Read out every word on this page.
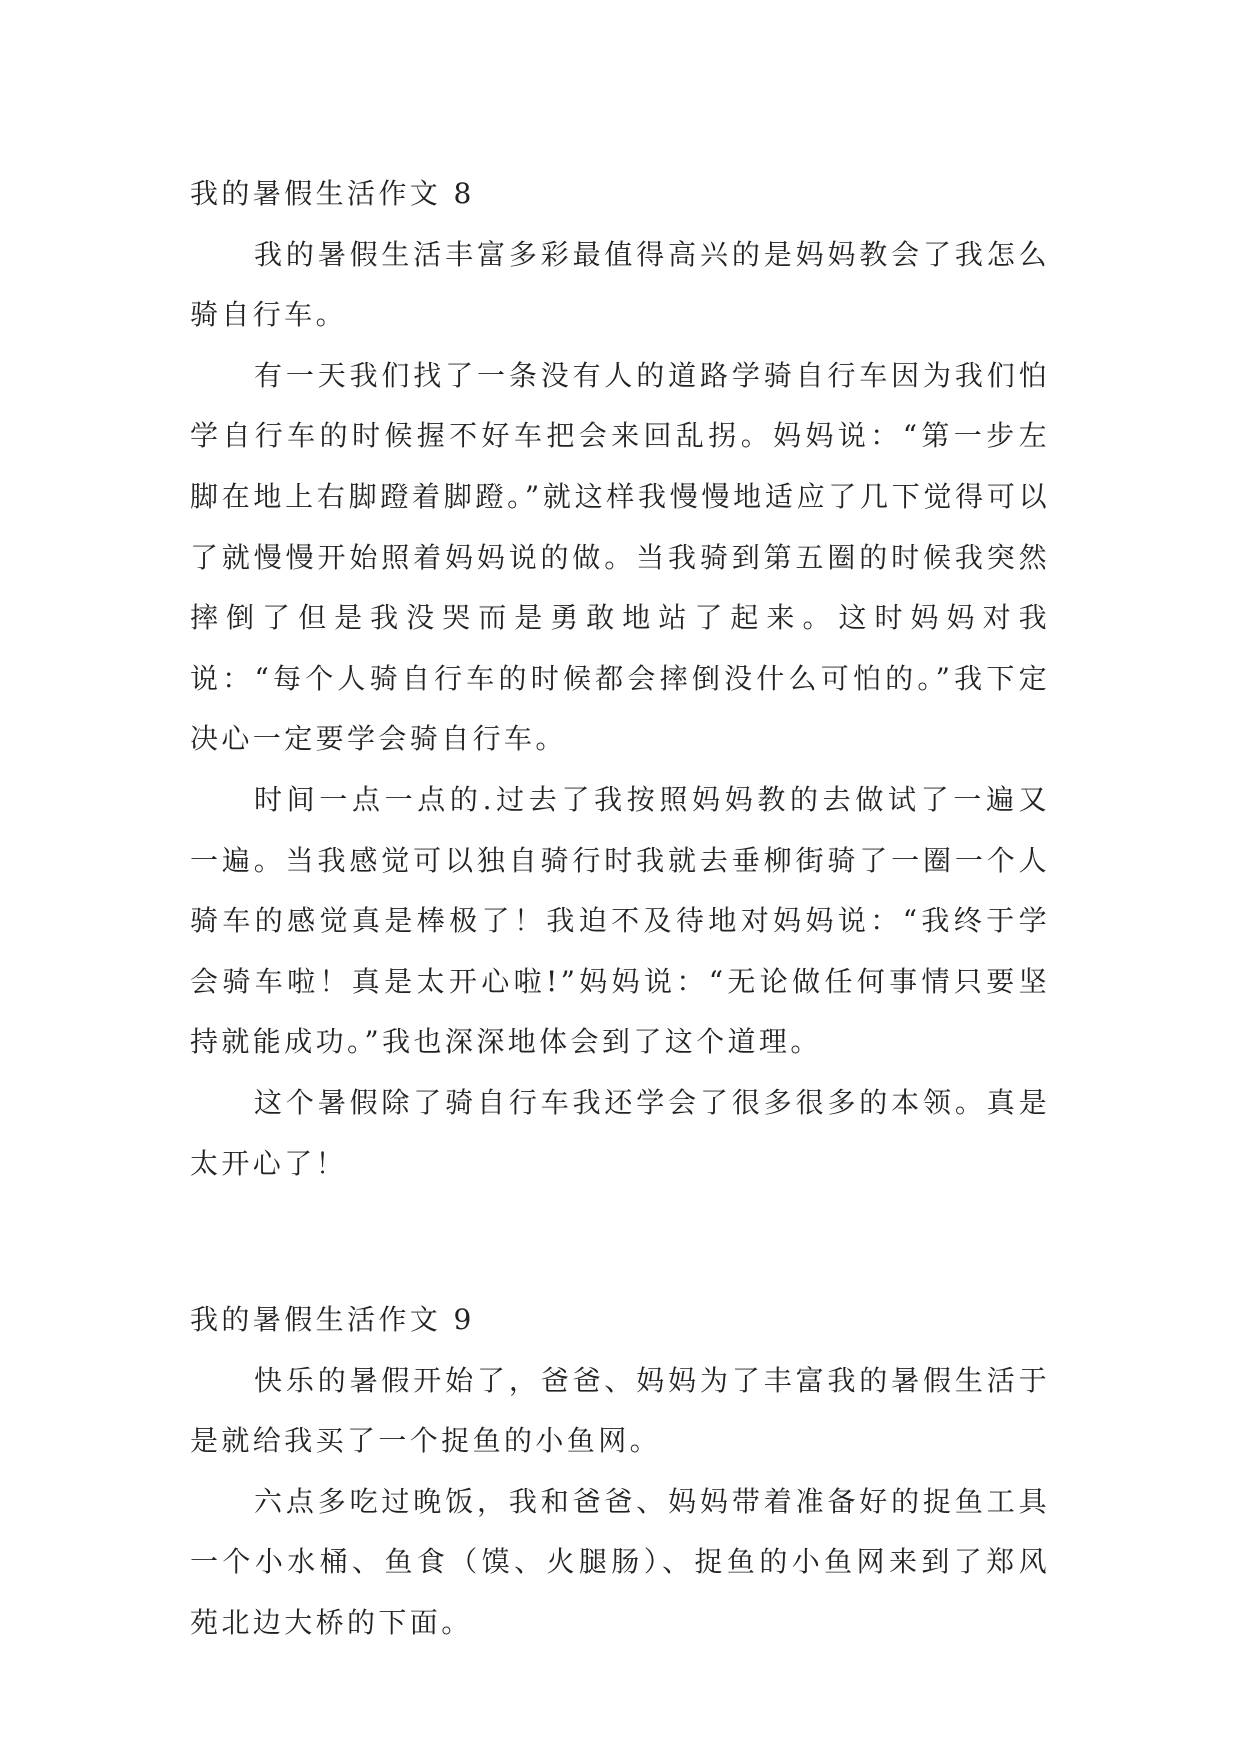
我的暑假生活作文 8

我的暑假生活丰富多彩最值得高兴的是妈妈教会了我怎么骑自行车。

有一天我们找了一条没有人的道路学骑自行车因为我们怕学自行车的时候握不好车把会来回乱拐。妈妈说：“第一步左脚在地上右脚蹬着脚蹬。”就这样我慢慢地适应了几下觉得可以了就慢慢开始照着妈妈说的做。当我骑到第五圈的时候我突然摔倒了但是我没哭而是勇敢地站了起来。这时妈妈对我说：“每个人骑自行车的时候都会摔倒没什么可怕的。”我下定决心一定要学会骑自行车。

时间一点一点的.过去了我按照妈妈教的去做试了一遍又一遍。当我感觉可以独自骑行时我就去垂柳街骑了一圈一个人骑车的感觉真是棒极了！我迫不及待地对妈妈说：“我终于学会骑车啦！真是太开心啦!”妈妈说：“无论做任何事情只要坚持就能成功。”我也深深地体会到了这个道理。

这个暑假除了骑自行车我还学会了很多很多的本领。真是太开心了！

我的暑假生活作文 9

快乐的暑假开始了，爸爸、妈妈为了丰富我的暑假生活于是就给我买了一个捉鱼的小鱼网。

六点多吃过晚饭，我和爸爸、妈妈带着准备好的捉鱼工具一个小水桶、鱼食（馍、火腿肠）、捉鱼的小鱼网来到了郑风苑北边大桥的下面。
